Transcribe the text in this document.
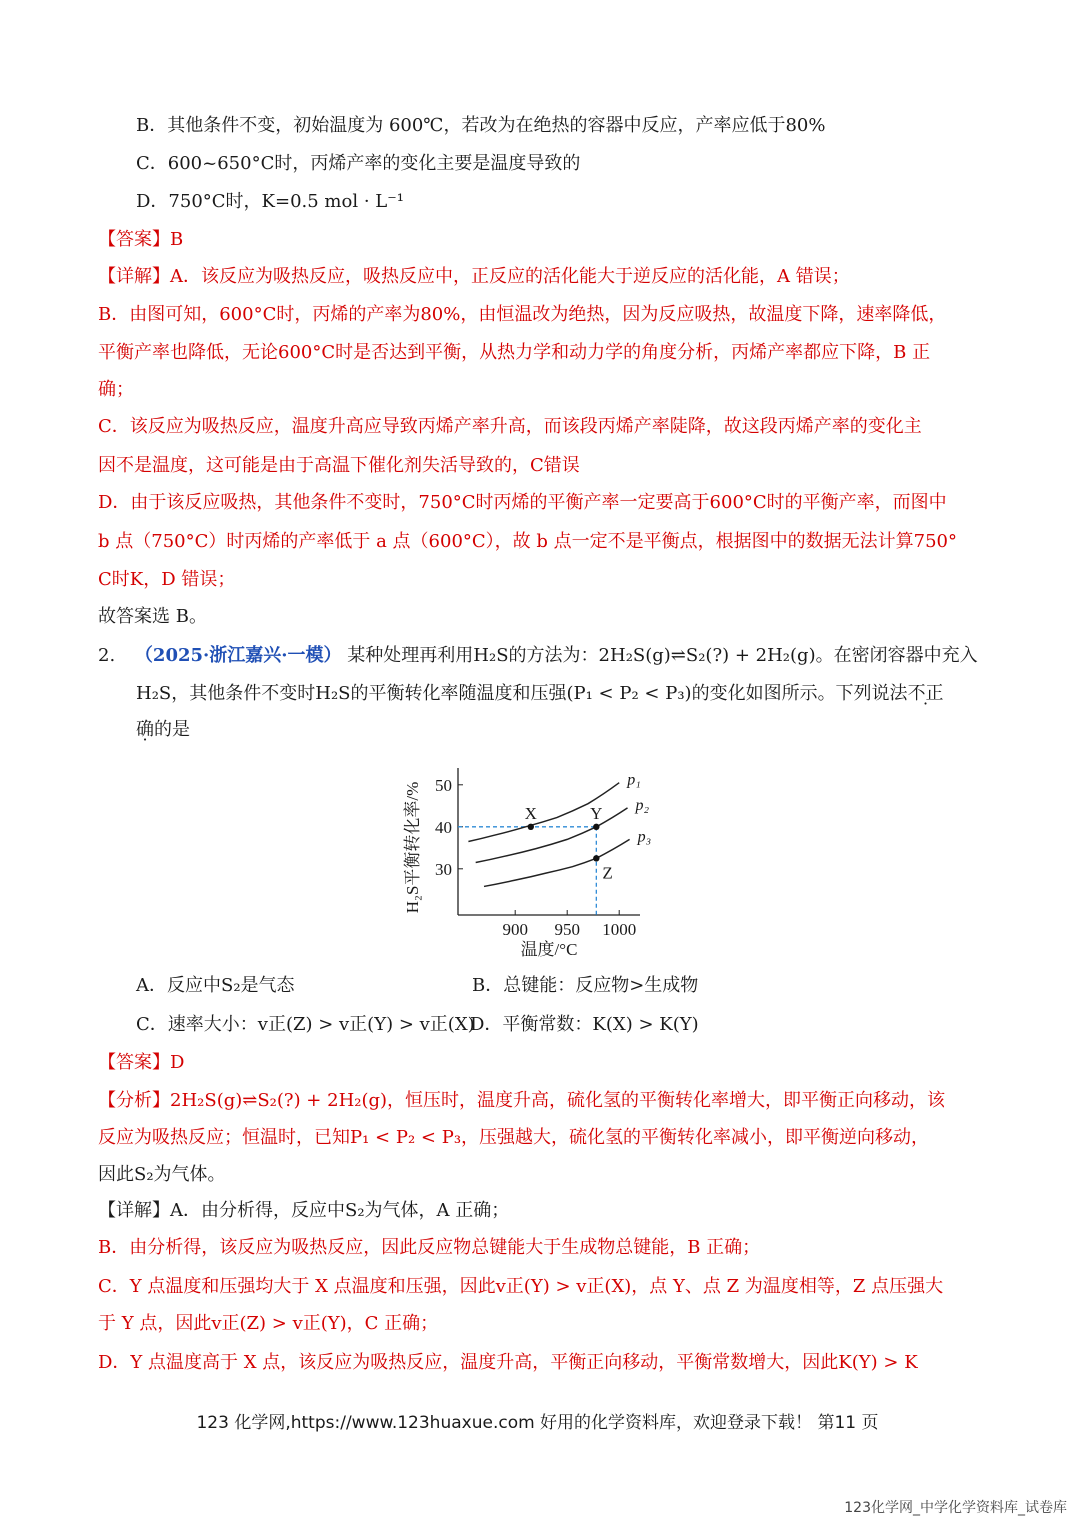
B．其他条件不变，初始温度为 600℃，若改为在绝热的容器中反应，产率应低于80%
C．600~650°C时，丙烯产率的变化主要是温度导致的
D．750°C时，K=0.5 mol · L⁻¹
【答案】B
【详解】A．该反应为吸热反应，吸热反应中，正反应的活化能大于逆反应的活化能，A 错误；
B．由图可知，600°C时，丙烯的产率为80%，由恒温改为绝热，因为反应吸热，故温度下降，速率降低，
平衡产率也降低，无论600°C时是否达到平衡，从热力学和动力学的角度分析，丙烯产率都应下降，B 正
确；
C．该反应为吸热反应，温度升高应导致丙烯产率升高，而该段丙烯产率陡降，故这段丙烯产率的变化主
因不是温度，这可能是由于高温下催化剂失活导致的，C错误
D．由于该反应吸热，其他条件不变时，750°C时丙烯的平衡产率一定要高于600°C时的平衡产率，而图中
b 点（750°C）时丙烯的产率低于 a 点（600°C），故 b 点一定不是平衡点，根据图中的数据无法计算750°
C时K，D 错误；
故答案选 B。
2. （2025·浙江嘉兴·一模） 某种处理再利用H₂S的方法为：2H₂S(g)⇌S₂(?) + 2H₂(g)。在密闭容器中充入
H₂S，其他条件不变时H₂S的平衡转化率随温度和压强(P₁ < P₂ < P₃)的变化如图所示。下列说法不正
确的是
30
40
50
900 950 1000
温度/°C
H₂S平衡转化率/%
p₁
p₂
p₃
X	Y
Z
A．反应中S₂是气态	B．总键能：反应物>生成物
C．速率大小：v正(Z) > v正(Y) > v正(X)
D．平衡常数：K(X) > K(Y)
【答案】D
【分析】2H₂S(g)⇌S₂(?) + 2H₂(g)，恒压时，温度升高，硫化氢的平衡转化率增大，即平衡正向移动，该
反应为吸热反应；恒温时，已知P₁ < P₂ < P₃，压强越大，硫化氢的平衡转化率减小，即平衡逆向移动，
因此S₂为气体。
【详解】A．由分析得，反应中S₂为气体，A 正确；
B．由分析得，该反应为吸热反应，因此反应物总键能大于生成物总键能，B 正确；
C．Y 点温度和压强均大于 X 点温度和压强，因此v正(Y) > v正(X)，点 Y、点 Z 为温度相等，Z 点压强大
于 Y 点，因此v正(Z) > v正(Y)，C 正确；
D．Y 点温度高于 X 点，该反应为吸热反应，温度升高，平衡正向移动，平衡常数增大，因此K(Y) > K
123 化学网,https://www.123huaxue.com 好用的化学资料库，欢迎登录下载！ 第11 页
123化学网_中学化学资料库_试卷库
